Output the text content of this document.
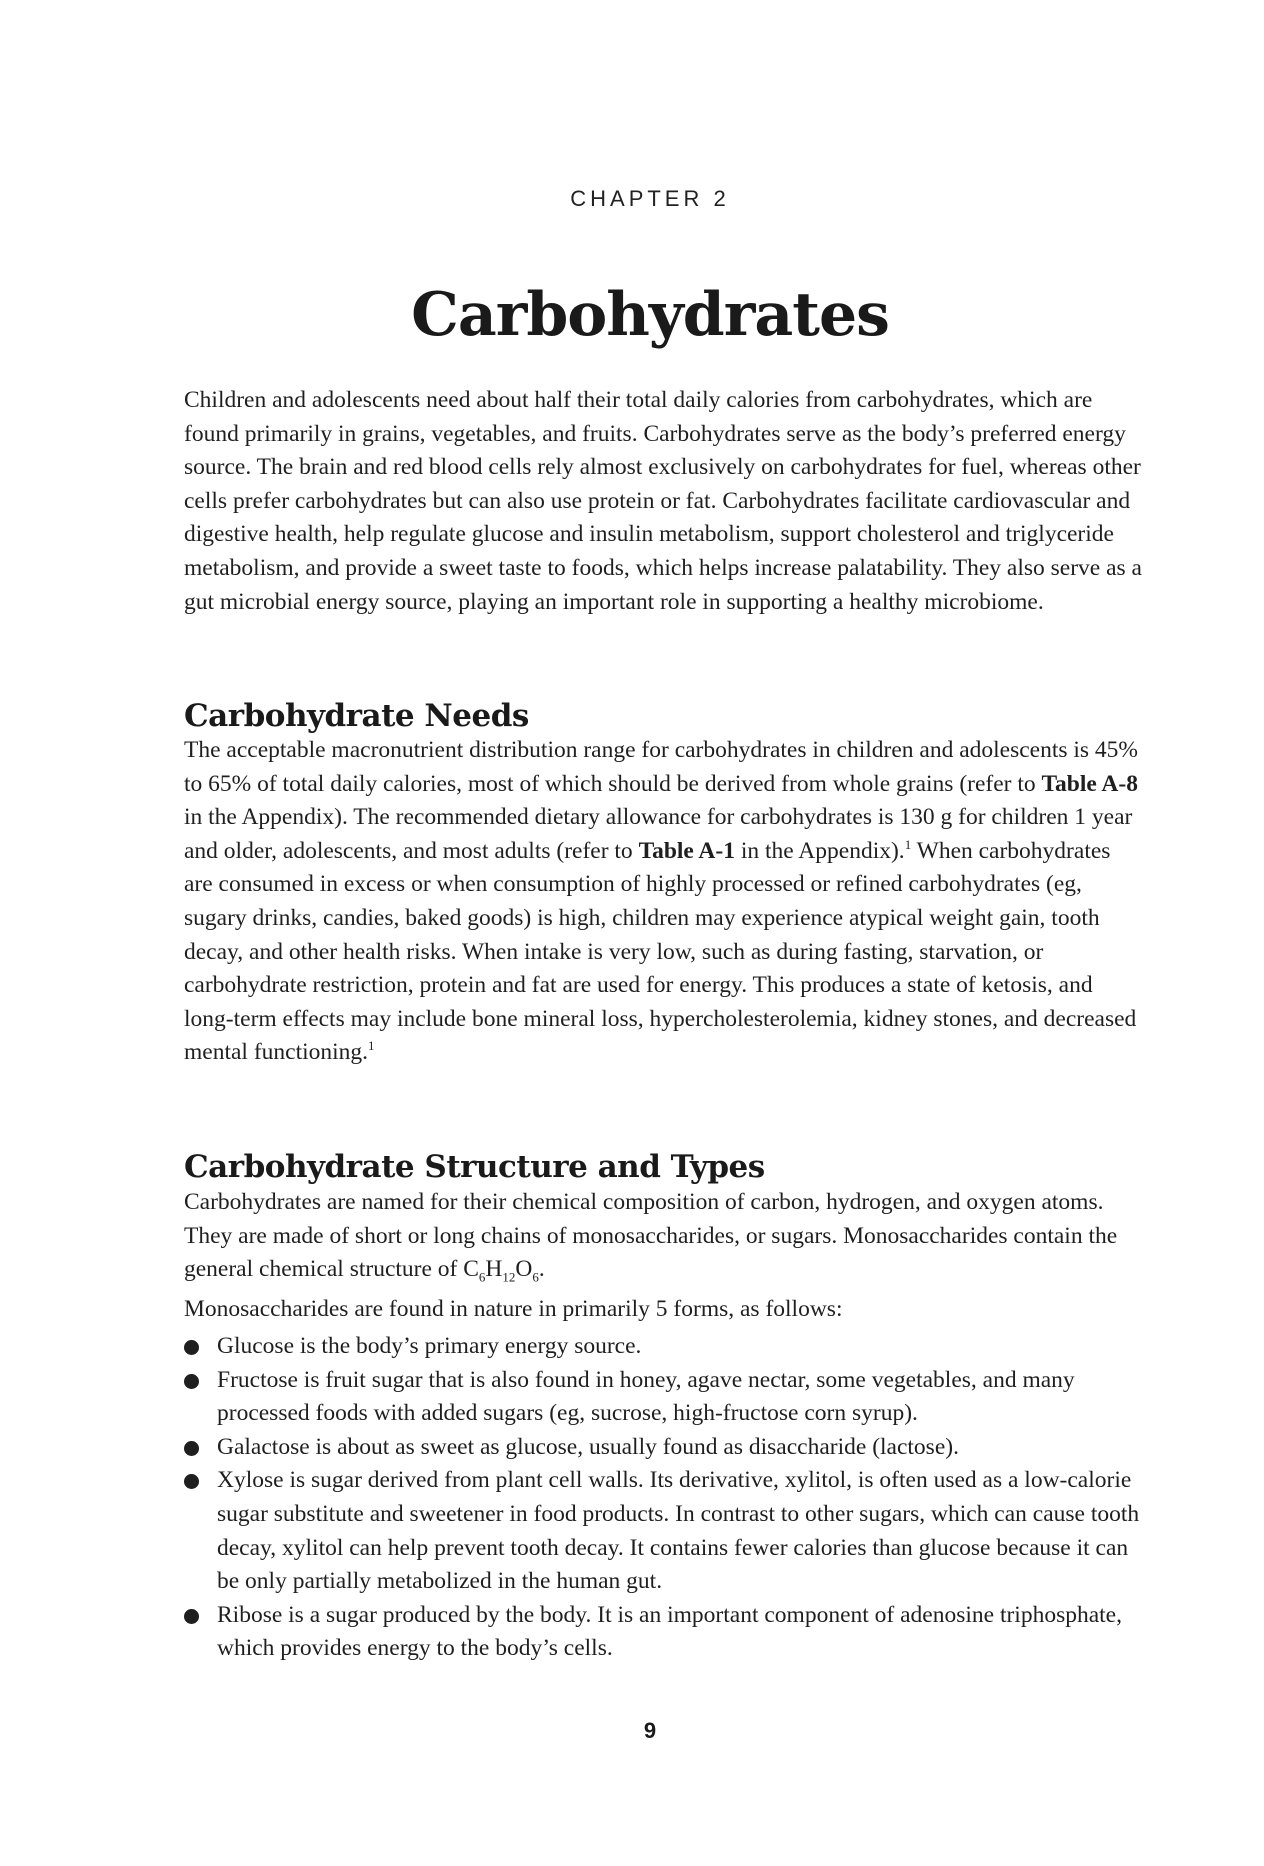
CHAPTER 2
Carbohydrates

Children and adolescents need about half their total daily calories from carbohydrates, which are found primarily in grains, vegetables, and fruits. Carbohydrates serve as the body’s preferred energy source. The brain and red blood cells rely almost exclusively on carbohydrates for fuel, whereas other cells prefer carbohydrates but can also use protein or fat. Carbohydrates facilitate cardiovascular and digestive health, help regulate glucose and insulin metabolism, support cholesterol and triglyceride metabolism, and provide a sweet taste to foods, which helps increase palatability. They also serve as a gut microbial energy source, playing an important role in supporting a healthy microbiome.

Carbohydrate Needs

The acceptable macronutrient distribution range for carbohydrates in children and adolescents is 45% to 65% of total daily calories, most of which should be derived from whole grains (refer to Table A-8 in the Appendix). The recommended dietary allowance for carbohydrates is 130 g for children 1 year and older, adolescents, and most adults (refer to Table A-1 in the Appendix).$^1$ When carbohydrates are consumed in excess or when consumption of highly processed or refined carbohydrates (eg, sugary drinks, candies, baked goods) is high, children may experience atypical weight gain, tooth decay, and other health risks. When intake is very low, such as during fasting, starvation, or carbohydrate restriction, protein and fat are used for energy. This produces a state of ketosis, and long-term effects may include bone mineral loss, hypercholesterolemia, kidney stones, and decreased mental functioning.$^1$

Carbohydrate Structure and Types

Carbohydrates are named for their chemical composition of carbon, hydrogen, and oxygen atoms. They are made of short or long chains of monosaccharides, or sugars. Monosaccharides contain the general chemical structure of $C_6H_{12}O_6$.

Monosaccharides are found in nature in primarily 5 forms, as follows:

Glucose is the body’s primary energy source.
Fructose is fruit sugar that is also found in honey, agave nectar, some vegetables, and many processed foods with added sugars (eg, sucrose, high-fructose corn syrup).
Galactose is about as sweet as glucose, usually found as disaccharide (lactose).
Xylose is sugar derived from plant cell walls. Its derivative, xylitol, is often used as a low-calorie sugar substitute and sweetener in food products. In contrast to other sugars, which can cause tooth decay, xylitol can help prevent tooth decay. It contains fewer calories than glucose because it can be only partially metabolized in the human gut.
Ribose is a sugar produced by the body. It is an important component of adenosine triphosphate, which provides energy to the body’s cells.
9
